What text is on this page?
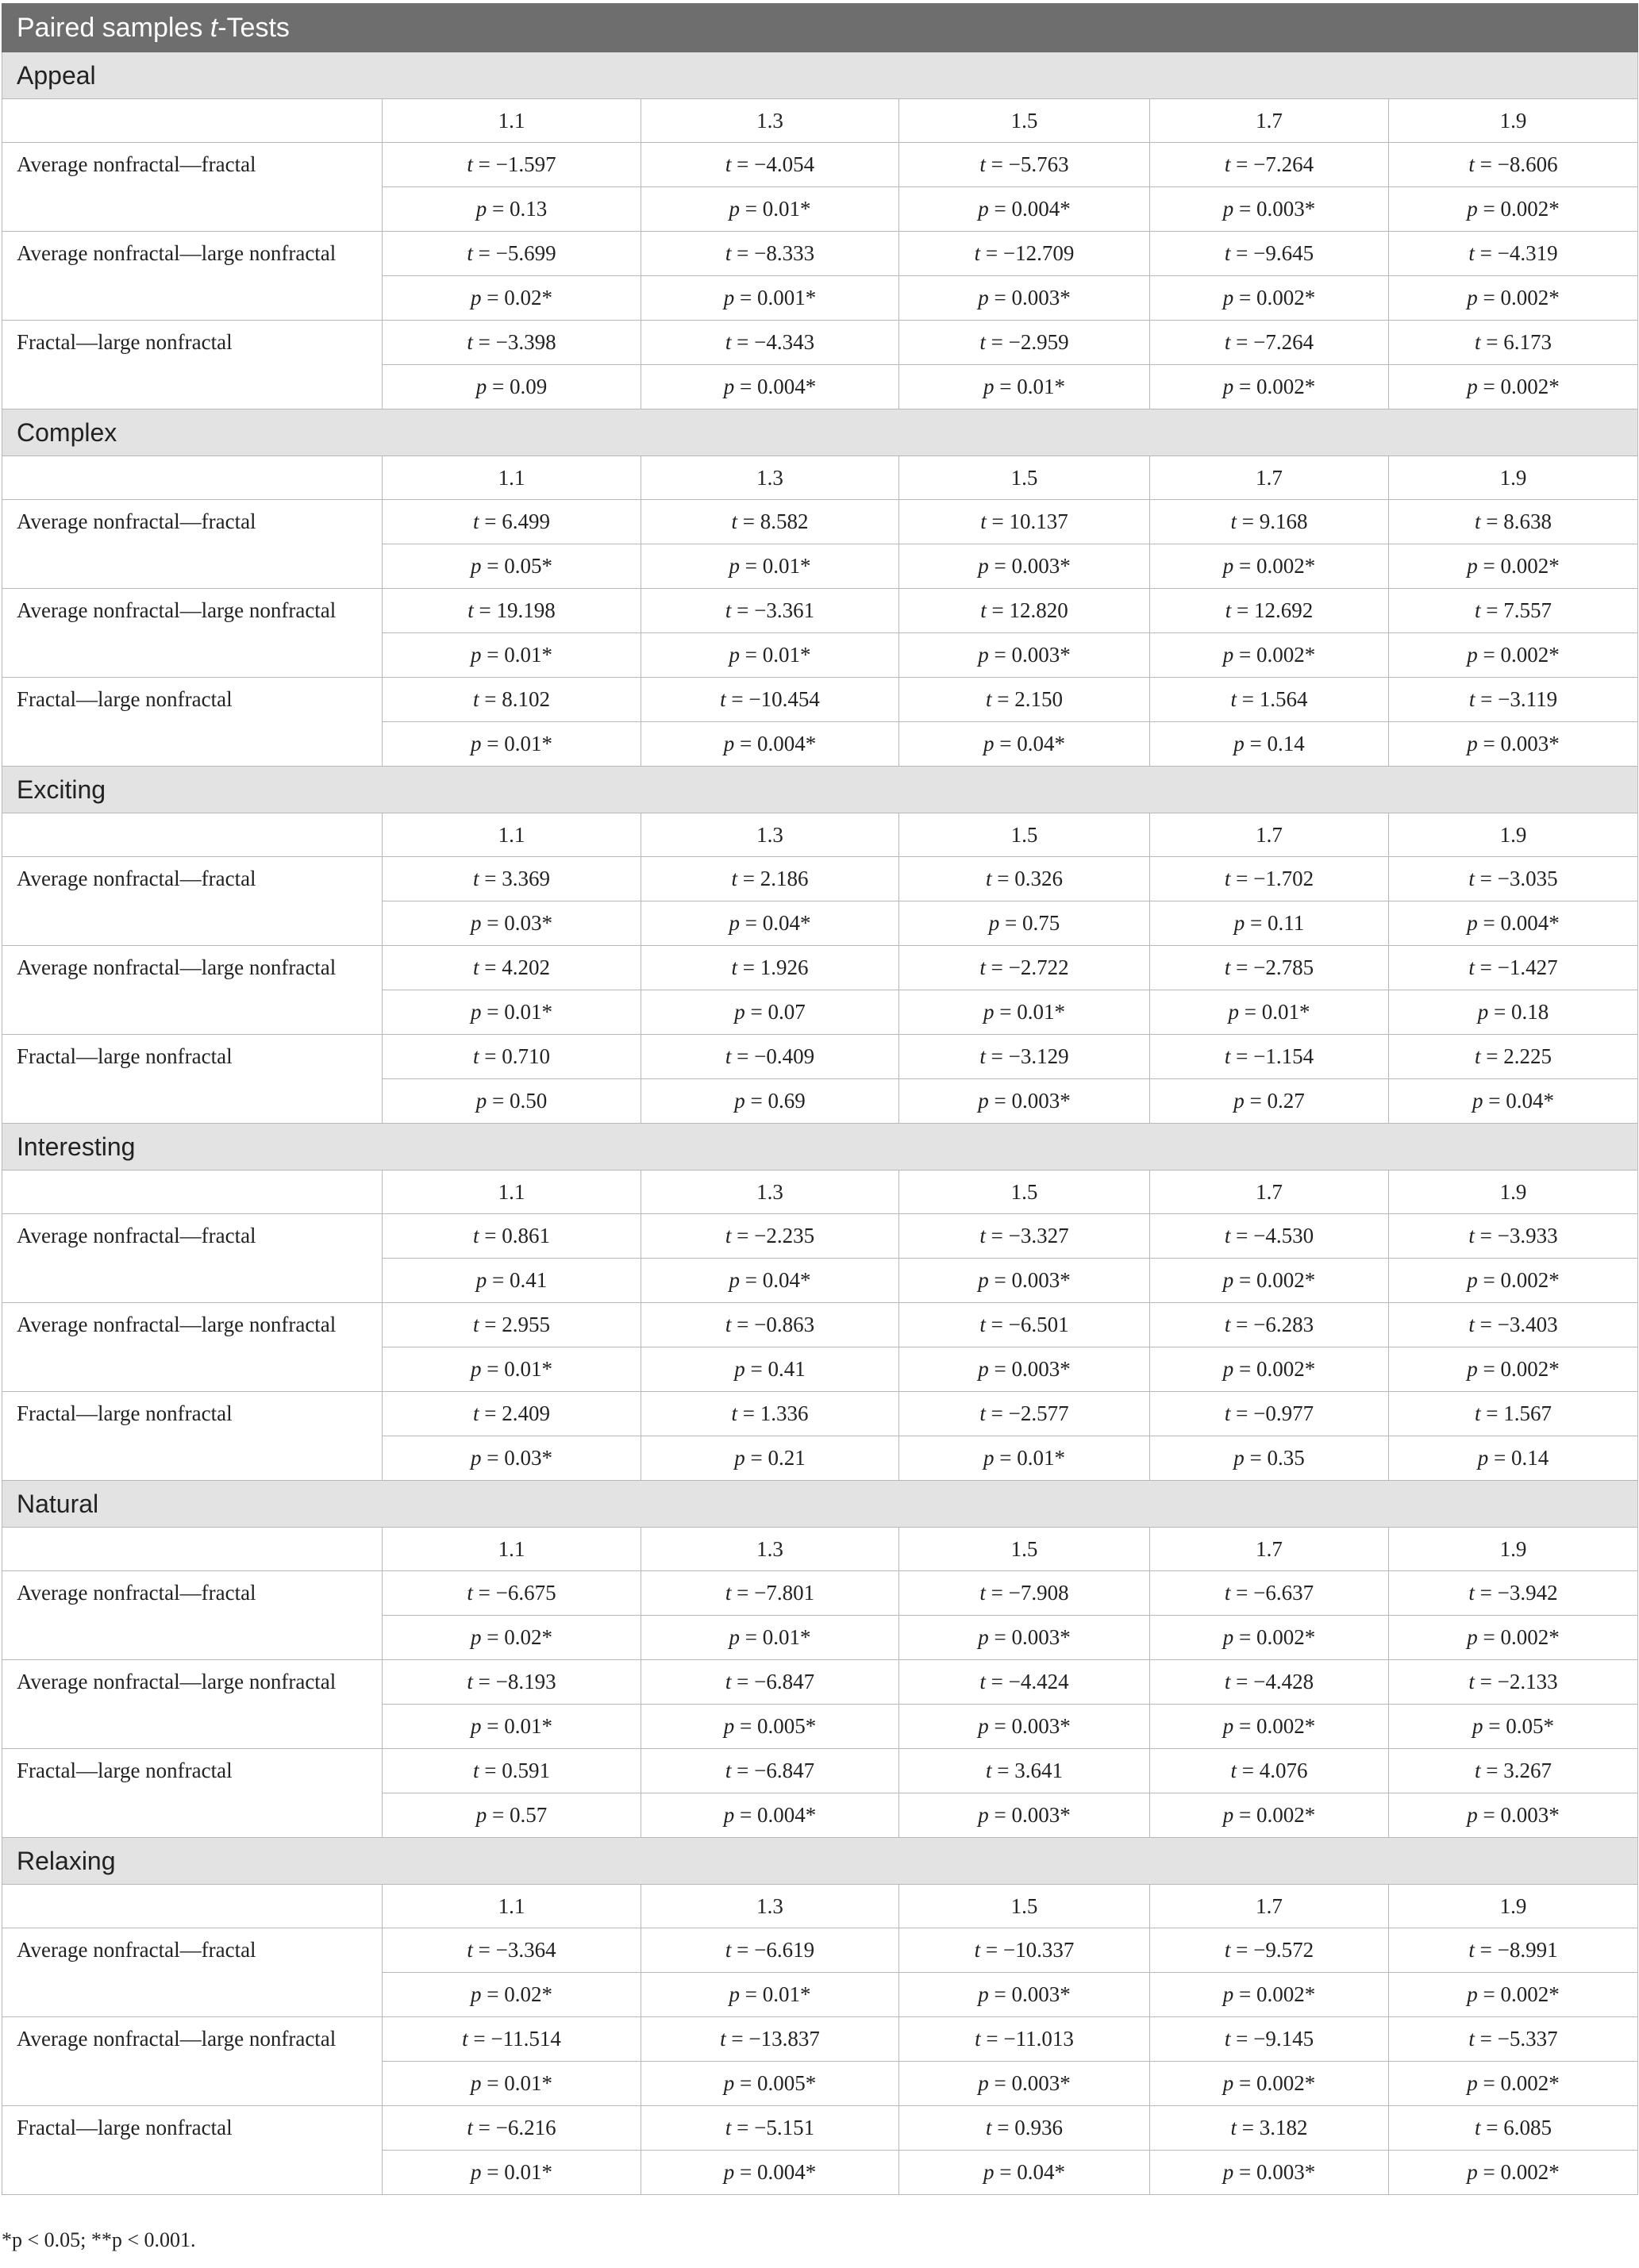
Paired samples t-Tests					
Appeal					
	1.1	1.3	1.5	1.7	1.9
Average nonfractal—fractal	t = −1.597	t = −4.054	t = −5.763	t = −7.264	t = −8.606
	p = 0.13	p = 0.01*	p = 0.004*	p = 0.003*	p = 0.002*
Average nonfractal—large nonfractal	t = −5.699	t = −8.333	t = −12.709	t = −9.645	t = −4.319
	p = 0.02*	p = 0.001*	p = 0.003*	p = 0.002*	p = 0.002*
Fractal—large nonfractal	t = −3.398	t = −4.343	t = −2.959	t = −7.264	t = 6.173
	p = 0.09	p = 0.004*	p = 0.01*	p = 0.002*	p = 0.002*
Complex					
	1.1	1.3	1.5	1.7	1.9
Average nonfractal—fractal	t = 6.499	t = 8.582	t = 10.137	t = 9.168	t = 8.638
	p = 0.05*	p = 0.01*	p = 0.003*	p = 0.002*	p = 0.002*
Average nonfractal—large nonfractal	t = 19.198	t = −3.361	t = 12.820	t = 12.692	t = 7.557
	p = 0.01*	p = 0.01*	p = 0.003*	p = 0.002*	p = 0.002*
Fractal—large nonfractal	t = 8.102	t = −10.454	t = 2.150	t = 1.564	t = −3.119
	p = 0.01*	p = 0.004*	p = 0.04*	p = 0.14	p = 0.003*
Exciting					
	1.1	1.3	1.5	1.7	1.9
Average nonfractal—fractal	t = 3.369	t = 2.186	t = 0.326	t = −1.702	t = −3.035
	p = 0.03*	p = 0.04*	p = 0.75	p = 0.11	p = 0.004*
Average nonfractal—large nonfractal	t = 4.202	t = 1.926	t = −2.722	t = −2.785	t = −1.427
	p = 0.01*	p = 0.07	p = 0.01*	p = 0.01*	p = 0.18
Fractal—large nonfractal	t = 0.710	t = −0.409	t = −3.129	t = −1.154	t = 2.225
	p = 0.50	p = 0.69	p = 0.003*	p = 0.27	p = 0.04*
Interesting					
	1.1	1.3	1.5	1.7	1.9
Average nonfractal—fractal	t = 0.861	t = −2.235	t = −3.327	t = −4.530	t = −3.933
	p = 0.41	p = 0.04*	p = 0.003*	p = 0.002*	p = 0.002*
Average nonfractal—large nonfractal	t = 2.955	t = −0.863	t = −6.501	t = −6.283	t = −3.403
	p = 0.01*	p = 0.41	p = 0.003*	p = 0.002*	p = 0.002*
Fractal—large nonfractal	t = 2.409	t = 1.336	t = −2.577	t = −0.977	t = 1.567
	p = 0.03*	p = 0.21	p = 0.01*	p = 0.35	p = 0.14
Natural					
	1.1	1.3	1.5	1.7	1.9
Average nonfractal—fractal	t = −6.675	t = −7.801	t = −7.908	t = −6.637	t = −3.942
	p = 0.02*	p = 0.01*	p = 0.003*	p = 0.002*	p = 0.002*
Average nonfractal—large nonfractal	t = −8.193	t = −6.847	t = −4.424	t = −4.428	t = −2.133
	p = 0.01*	p = 0.005*	p = 0.003*	p = 0.002*	p = 0.05*
Fractal—large nonfractal	t = 0.591	t = −6.847	t = 3.641	t = 4.076	t = 3.267
	p = 0.57	p = 0.004*	p = 0.003*	p = 0.002*	p = 0.003*
Relaxing					
	1.1	1.3	1.5	1.7	1.9
Average nonfractal—fractal	t = −3.364	t = −6.619	t = −10.337	t = −9.572	t = −8.991
	p = 0.02*	p = 0.01*	p = 0.003*	p = 0.002*	p = 0.002*
Average nonfractal—large nonfractal	t = −11.514	t = −13.837	t = −11.013	t = −9.145	t = −5.337
	p = 0.01*	p = 0.005*	p = 0.003*	p = 0.002*	p = 0.002*
Fractal—large nonfractal	t = −6.216	t = −5.151	t = 0.936	t = 3.182	t = 6.085
	p = 0.01*	p = 0.004*	p = 0.04*	p = 0.003*	p = 0.002*
*p < 0.05; **p < 0.001.
